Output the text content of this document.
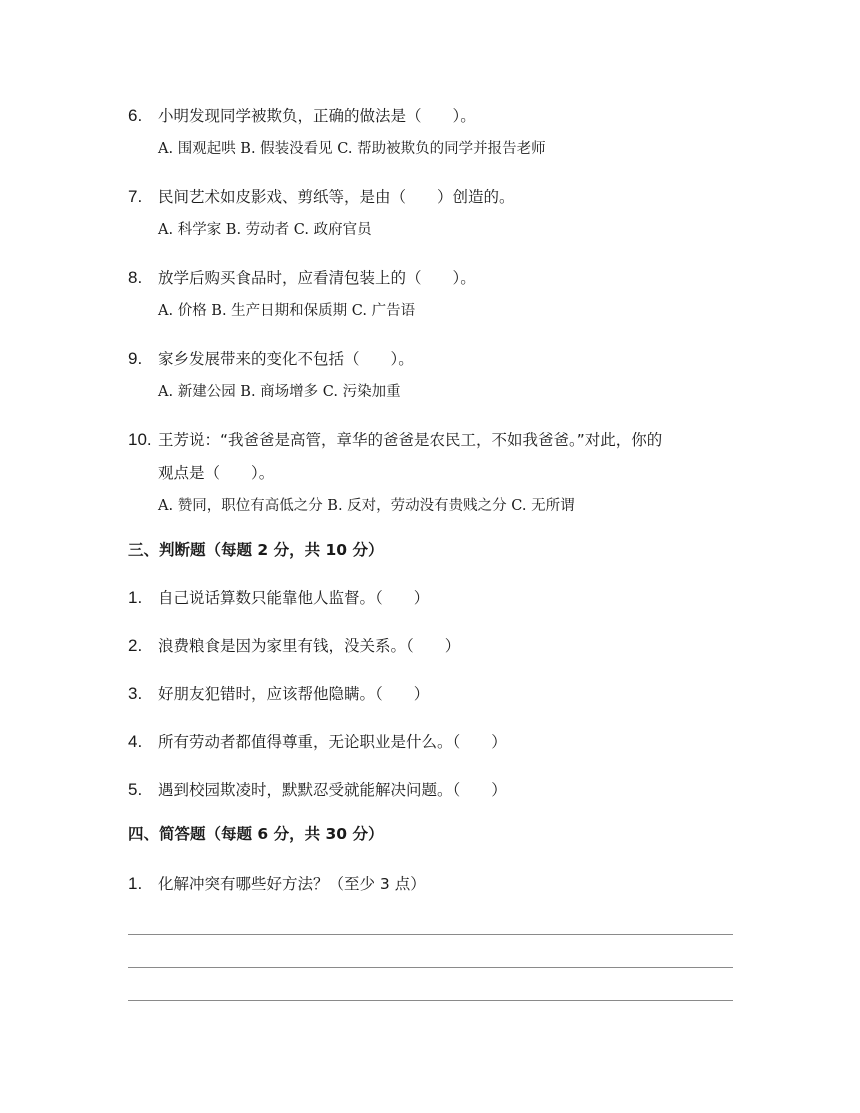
6. 小明发现同学被欺负，正确的做法是（　　）。
A. 围观起哄 B. 假装没看见 C. 帮助被欺负的同学并报告老师
7. 民间艺术如皮影戏、剪纸等，是由（　　）创造的。
A. 科学家 B. 劳动者 C. 政府官员
8. 放学后购买食品时，应看清包装上的（　　）。
A. 价格 B. 生产日期和保质期 C. 广告语
9. 家乡发展带来的变化不包括（　　）。
A. 新建公园 B. 商场增多 C. 污染加重
10. 王芳说：“我爸爸是高管，章华的爸爸是农民工，不如我爸爸。”对此，你的
观点是（　　）。
A. 赞同，职位有高低之分 B. 反对，劳动没有贵贱之分 C. 无所谓
三、判断题（每题 2 分，共 10 分）
1. 自己说话算数只能靠他人监督。（　　）
2. 浪费粮食是因为家里有钱，没关系。（　　）
3. 好朋友犯错时，应该帮他隐瞒。（　　）
4. 所有劳动者都值得尊重，无论职业是什么。（　　）
5. 遇到校园欺凌时，默默忍受就能解决问题。（　　）
四、简答题（每题 6 分，共 30 分）
1. 化解冲突有哪些好方法？（至少 3 点）
